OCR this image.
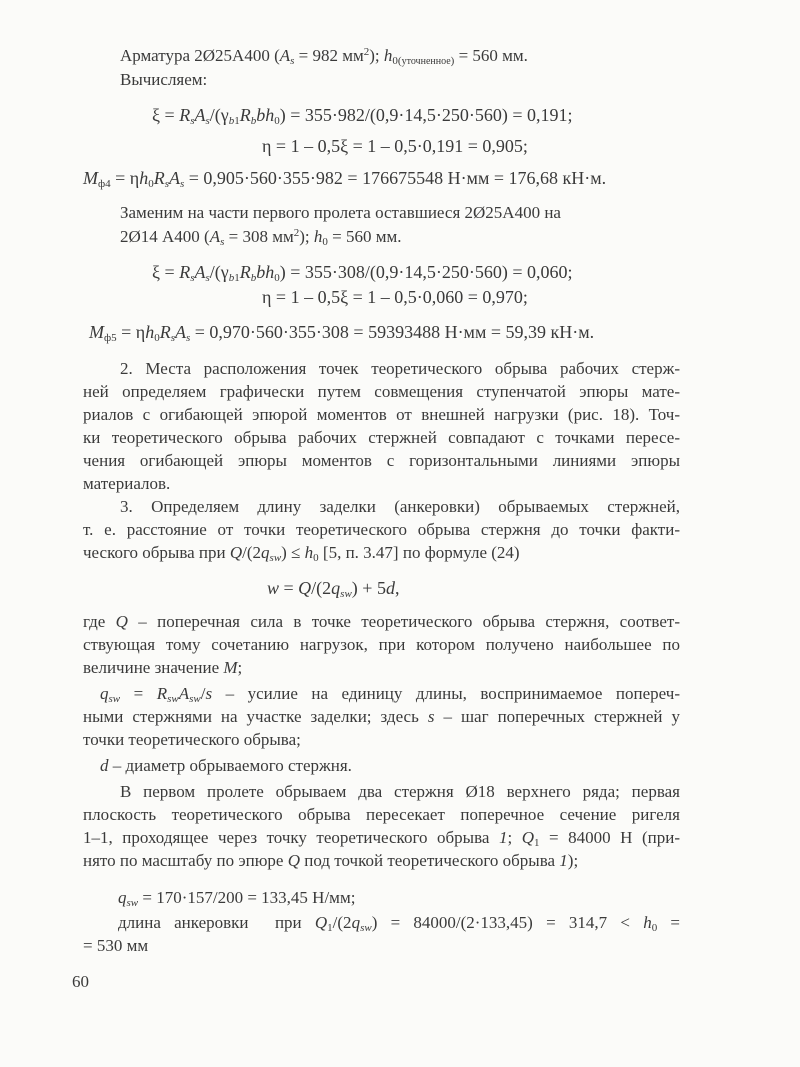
Арматура 2Ø25А400 ($A_s = 982$ $мм^2$); $h_{0(уточненное)} = 560$ мм.
Вычисляем:
$\xi = R_sA_s/(\gamma_{b1}R_bbh_0) = 355\cdot 982/(0,9\cdot 14,5\cdot 250\cdot 560) = 0,191$;
η = 1 – 0,5ξ = 1 – 0,5·0,191 = 0,905;
$M_{ф4} = \eta h_0R_sA_s = 0,905\cdot 560\cdot 355\cdot 982 = 176675548$ Н·мм = 176,68 кН·м.
Заменим на части первого пролета оставшиеся 2Ø25А400 на
2Ø14 А400 ($A_s = 308$ $мм^2$); $h_0 = 560$ мм.
$\xi = R_sA_s/(\gamma_{b1}R_bbh_0) = 355\cdot 308/(0,9\cdot 14,5\cdot 250\cdot 560) = 0,060$;
η = 1 – 0,5ξ = 1 – 0,5·0,060 = 0,970;
$M_{ф5} = \eta h_0R_sA_s = 0,970\cdot 560\cdot 355\cdot 308 = 59393488$ Н·мм = 59,39 кН·м.
2. Места расположения точек теоретического обрыва рабочих стерж-
ней определяем графически путем совмещения ступенчатой эпюры мате-
риалов с огибающей эпюрой моментов от внешней нагрузки (рис. 18). Точ-
ки теоретического обрыва рабочих стержней совпадают с точками пересе-
чения огибающей эпюры моментов с горизонтальными линиями эпюры
материалов.
3. Определяем длину заделки (анкеровки) обрываемых стержней,
т. е. расстояние от точки теоретического обрыва стержня до точки факти-
ческого обрыва при $Q/(2q_{sw}) \le h_0$ [5, п. 3.47] по формуле (24)
$w = Q/(2q_{sw}) + 5d$,
где Q – поперечная сила в точке теоретического обрыва стержня, соответ-
ствующая тому сочетанию нагрузок, при котором получено наибольшее по
величине значение M;
$q_{sw} = R_{sw}A_{sw}/s$ – усилие на единицу длины, воспринимаемое попереч-
ными стержнями на участке заделки; здесь s – шаг поперечных стержней у
точки теоретического обрыва;
d – диаметр обрываемого стержня.
В первом пролете обрываем два стержня Ø18 верхнего ряда; первая
плоскость теоретического обрыва пересекает поперечное сечение ригеля
1–1, проходящее через точку теоретического обрыва 1; $Q_1 = 84000$ Н (при-
нято по масштабу по эпюре Q под точкой теоретического обрыва 1);
$q_{sw} = 170\cdot 157/200 = 133,45$ Н/мм;
длина анкеровки  при $Q_1/(2q_{sw}) = 84000/(2\cdot 133,45) = 314,7 < h_0$ =
= 530 мм
60
